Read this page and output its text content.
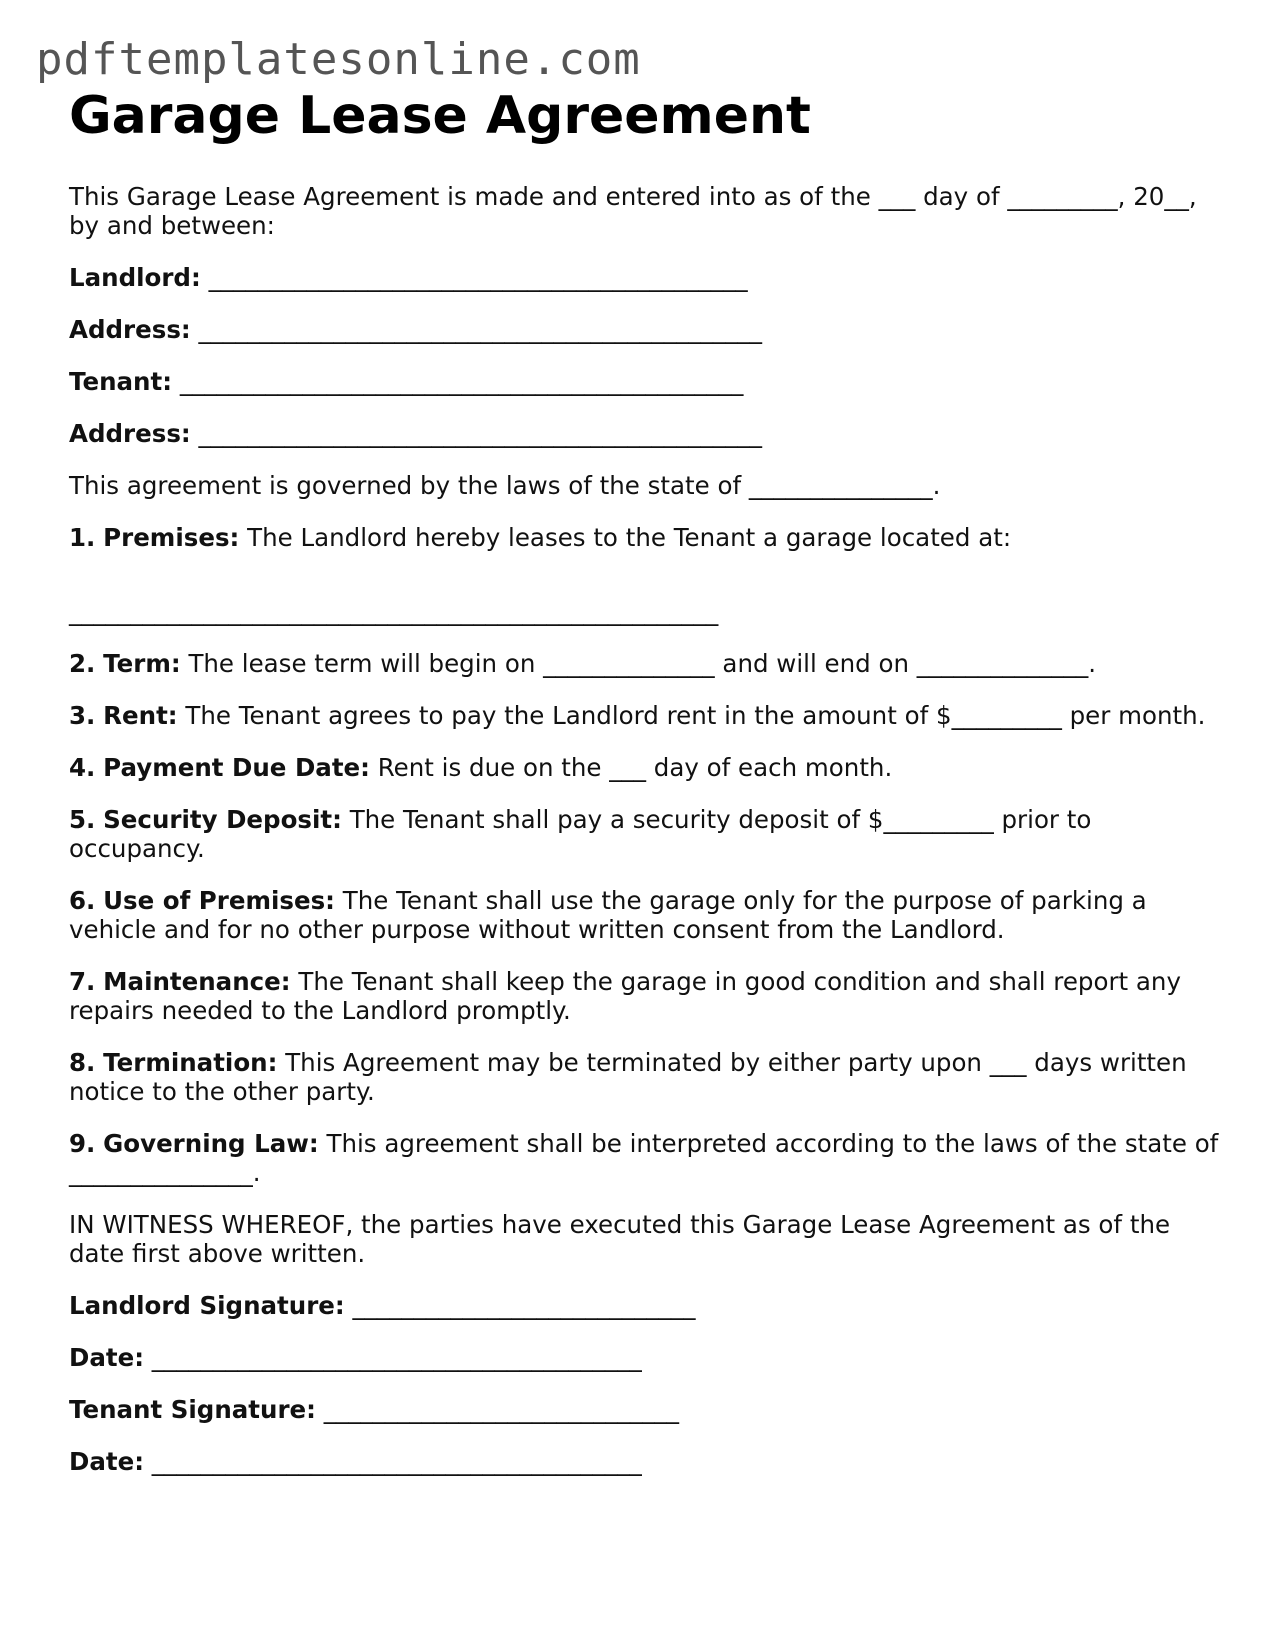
pdftemplatesonline.com
Garage Lease Agreement

This Garage Lease Agreement is made and entered into as of the ___ day of _________, 20__, by and between:

Landlord: ____________________________________________

Address: ______________________________________________

Tenant: ______________________________________________

Address: ______________________________________________

This agreement is governed by the laws of the state of _______________.

1. Premises: The Landlord hereby leases to the Tenant a garage located at:

_____________________________________________________

2. Term: The lease term will begin on ______________ and will end on ______________.

3. Rent: The Tenant agrees to pay the Landlord rent in the amount of $_________ per month.

4. Payment Due Date: Rent is due on the ___ day of each month.

5. Security Deposit: The Tenant shall pay a security deposit of $_________ prior to occupancy.

6. Use of Premises: The Tenant shall use the garage only for the purpose of parking a vehicle and for no other purpose without written consent from the Landlord.

7. Maintenance: The Tenant shall keep the garage in good condition and shall report any repairs needed to the Landlord promptly.

8. Termination: This Agreement may be terminated by either party upon ___ days written notice to the other party.

9. Governing Law: This agreement shall be interpreted according to the laws of the state of _______________.

IN WITNESS WHEREOF, the parties have executed this Garage Lease Agreement as of the date first above written.

Landlord Signature: ____________________________

Date: ________________________________________

Tenant Signature: _____________________________

Date: ________________________________________
